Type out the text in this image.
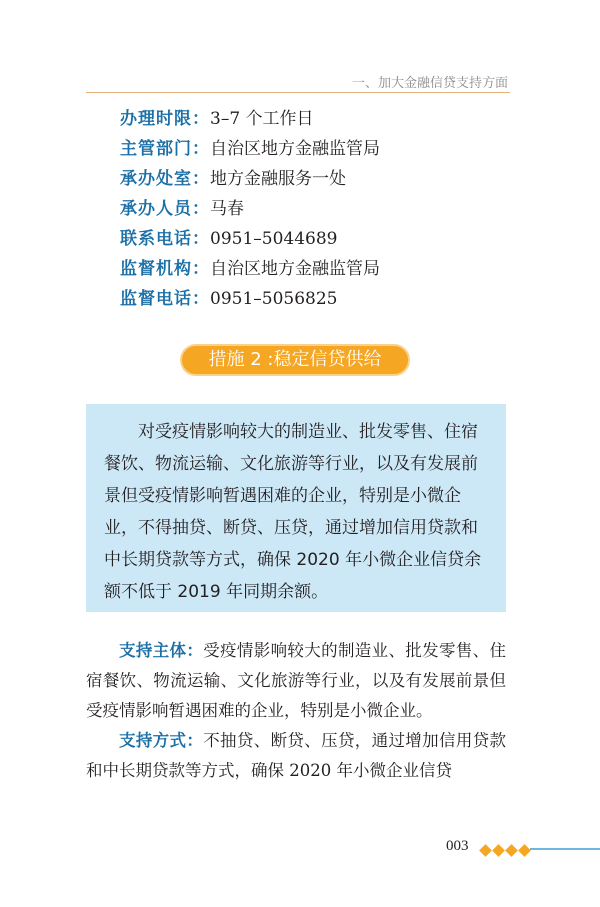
一、加大金融信贷支持方面
办理时限：3–7 个工作日
主管部门：自治区地方金融监管局
承办处室：地方金融服务一处
承办人员：马春
联系电话：0951–5044689
监督机构：自治区地方金融监管局
监督电话：0951–5056825
措施 2 :稳定信贷供给

对受疫情影响较大的制造业、批发零售、住宿餐饮、物流运输、文化旅游等行业，以及有发展前景但受疫情影响暂遇困难的企业，特别是小微企业，不得抽贷、断贷、压贷，通过增加信用贷款和中长期贷款等方式，确保 2020 年小微企业信贷余额不低于 2019 年同期余额。

支持主体：受疫情影响较大的制造业、批发零售、住宿餐饮、物流运输、文化旅游等行业，以及有发展前景但受疫情影响暂遇困难的企业，特别是小微企业。

支持方式：不抽贷、断贷、压贷，通过增加信用贷款和中长期贷款等方式，确保 2020 年小微企业信贷

003
